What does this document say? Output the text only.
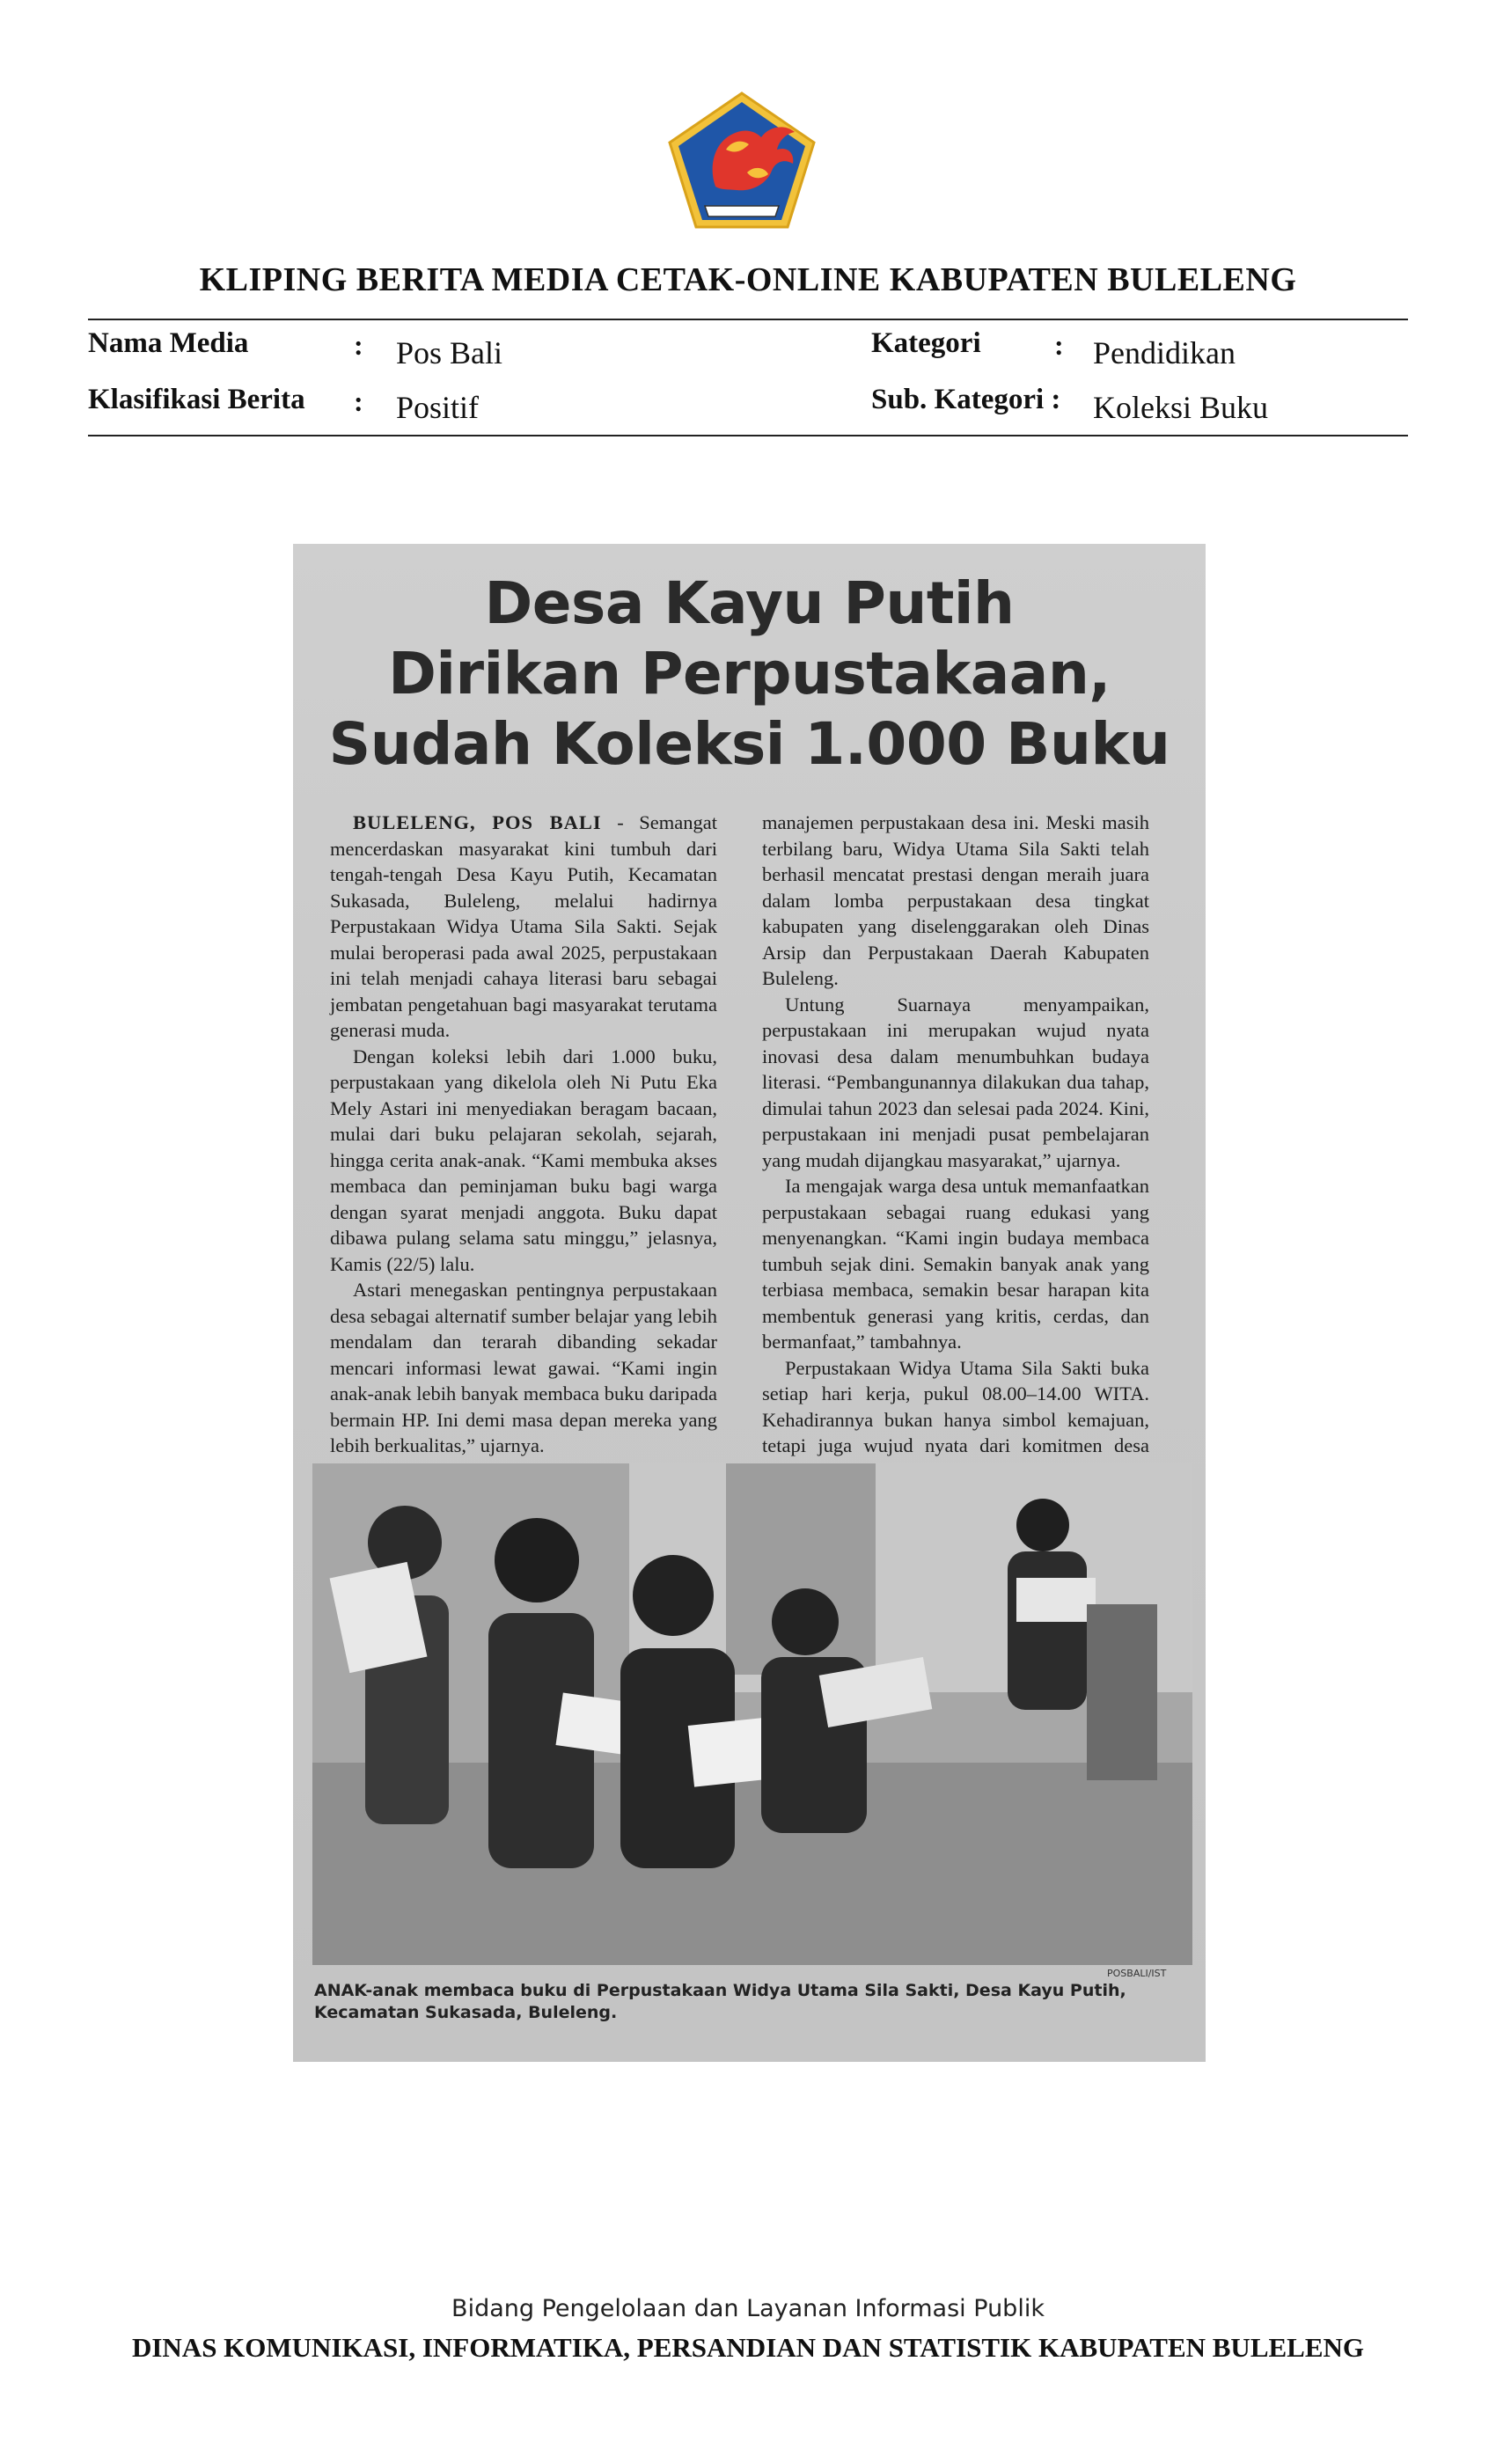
KLIPING BERITA MEDIA CETAK-ONLINE KABUPATEN BULELENG
Nama Media	: Pos Bali
Klasifikasi Berita : Positif
Kategori	: Pendidikan
Sub. Kategori : Koleksi Buku
Desa Kayu Putih
Dirikan Perpustakaan,
Sudah Koleksi 1.000 Buku

BULELENG, POS BALI - Semangat mencerdaskan masyarakat kini tumbuh dari tengah-tengah Desa Kayu Putih, Kecamatan Sukasada, Buleleng, melalui hadirnya Perpustakaan Widya Utama Sila Sakti. Sejak mulai beroperasi pada awal 2025, perpustakaan ini telah menjadi cahaya literasi baru sebagai jembatan pengetahuan bagi masyarakat terutama generasi muda.

Dengan koleksi lebih dari 1.000 buku, perpustakaan yang dikelola oleh Ni Putu Eka Mely Astari ini menyediakan beragam bacaan, mulai dari buku pelajaran sekolah, sejarah, hingga cerita anak-anak. “Kami membuka akses membaca dan peminjaman buku bagi warga dengan syarat menjadi anggota. Buku dapat dibawa pulang selama satu minggu,” jelasnya, Kamis (22/5) lalu.

Astari menegaskan pentingnya perpustakaan desa sebagai alternatif sumber belajar yang lebih mendalam dan terarah dibanding sekadar mencari informasi lewat gawai. “Kami ingin anak-anak lebih banyak membaca buku daripada bermain HP. Ini demi masa depan mereka yang lebih berkualitas,” ujarnya.

manajemen perpustakaan desa ini. Meski masih terbilang baru, Widya Utama Sila Sakti telah berhasil mencatat prestasi dengan meraih juara dalam lomba perpustakaan desa tingkat kabupaten yang diselenggarakan oleh Dinas Arsip dan Perpustakaan Daerah Kabupaten Buleleng.

Untung Suarnaya menyampaikan, perpustakaan ini merupakan wujud nyata inovasi desa dalam menumbuhkan budaya literasi. “Pembangunannya dilakukan dua tahap, dimulai tahun 2023 dan selesai pada 2024. Kini, perpustakaan ini menjadi pusat pembelajaran yang mudah dijangkau masyarakat,” ujarnya.

Ia mengajak warga desa untuk memanfaatkan perpustakaan sebagai ruang edukasi yang menyenangkan. “Kami ingin budaya membaca tumbuh sejak dini. Semakin banyak anak yang terbiasa membaca, semakin besar harapan kita membentuk generasi yang kritis, cerdas, dan bermanfaat,” tambahnya.

Perpustakaan Widya Utama Sila Sakti buka setiap hari kerja, pukul 08.00–14.00 WITA. Kehadirannya bukan hanya simbol kemajuan, tetapi juga wujud nyata dari komitmen desa

POSBALI/IST
ANAK-anak membaca buku di Perpustakaan Widya Utama Sila Sakti, Desa Kayu Putih, Kecamatan Sukasada, Buleleng.
Bidang Pengelolaan dan Layanan Informasi Publik
DINAS KOMUNIKASI, INFORMATIKA, PERSANDIAN DAN STATISTIK KABUPATEN BULELENG
